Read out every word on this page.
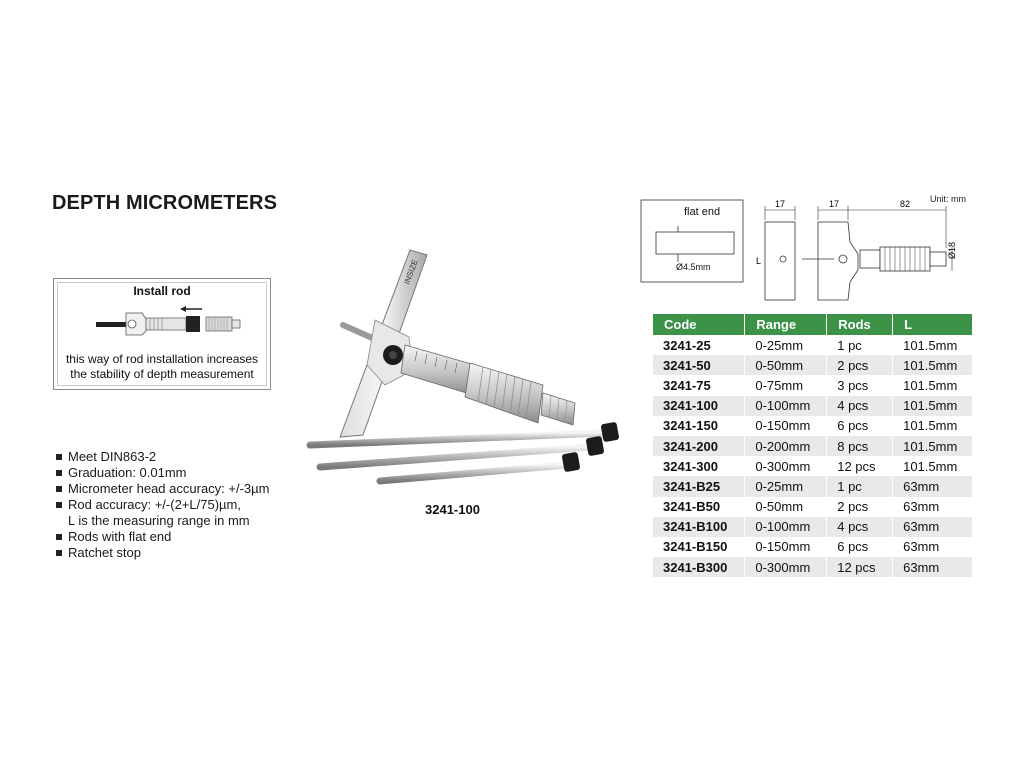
DEPTH MICROMETERS
Install rod
this way of rod installation increases
the stability of depth measurement
Meet DIN863-2
Graduation: 0.01mm
Micrometer head accuracy: +/-3µm
Rod accuracy: +/-(2+L/75)µm,
L is the measuring range in mm
Rods with flat end
Ratchet stop
INSIZE
3241-100
17	17	82
Ø18
L
Unit: mm
flat end
Ø4.5mm
Code	Range	Rods	L
3241-25	0-25mm	1 pc	101.5mm
3241-50	0-50mm	2 pcs	101.5mm
3241-75	0-75mm	3 pcs	101.5mm
3241-100	0-100mm	4 pcs	101.5mm
3241-150	0-150mm	6 pcs	101.5mm
3241-200	0-200mm	8 pcs	101.5mm
3241-300	0-300mm	12 pcs	101.5mm
3241-B25	0-25mm	1 pc	63mm
3241-B50	0-50mm	2 pcs	63mm
3241-B100	0-100mm	4 pcs	63mm
3241-B150	0-150mm	6 pcs	63mm
3241-B300	0-300mm	12 pcs	63mm
